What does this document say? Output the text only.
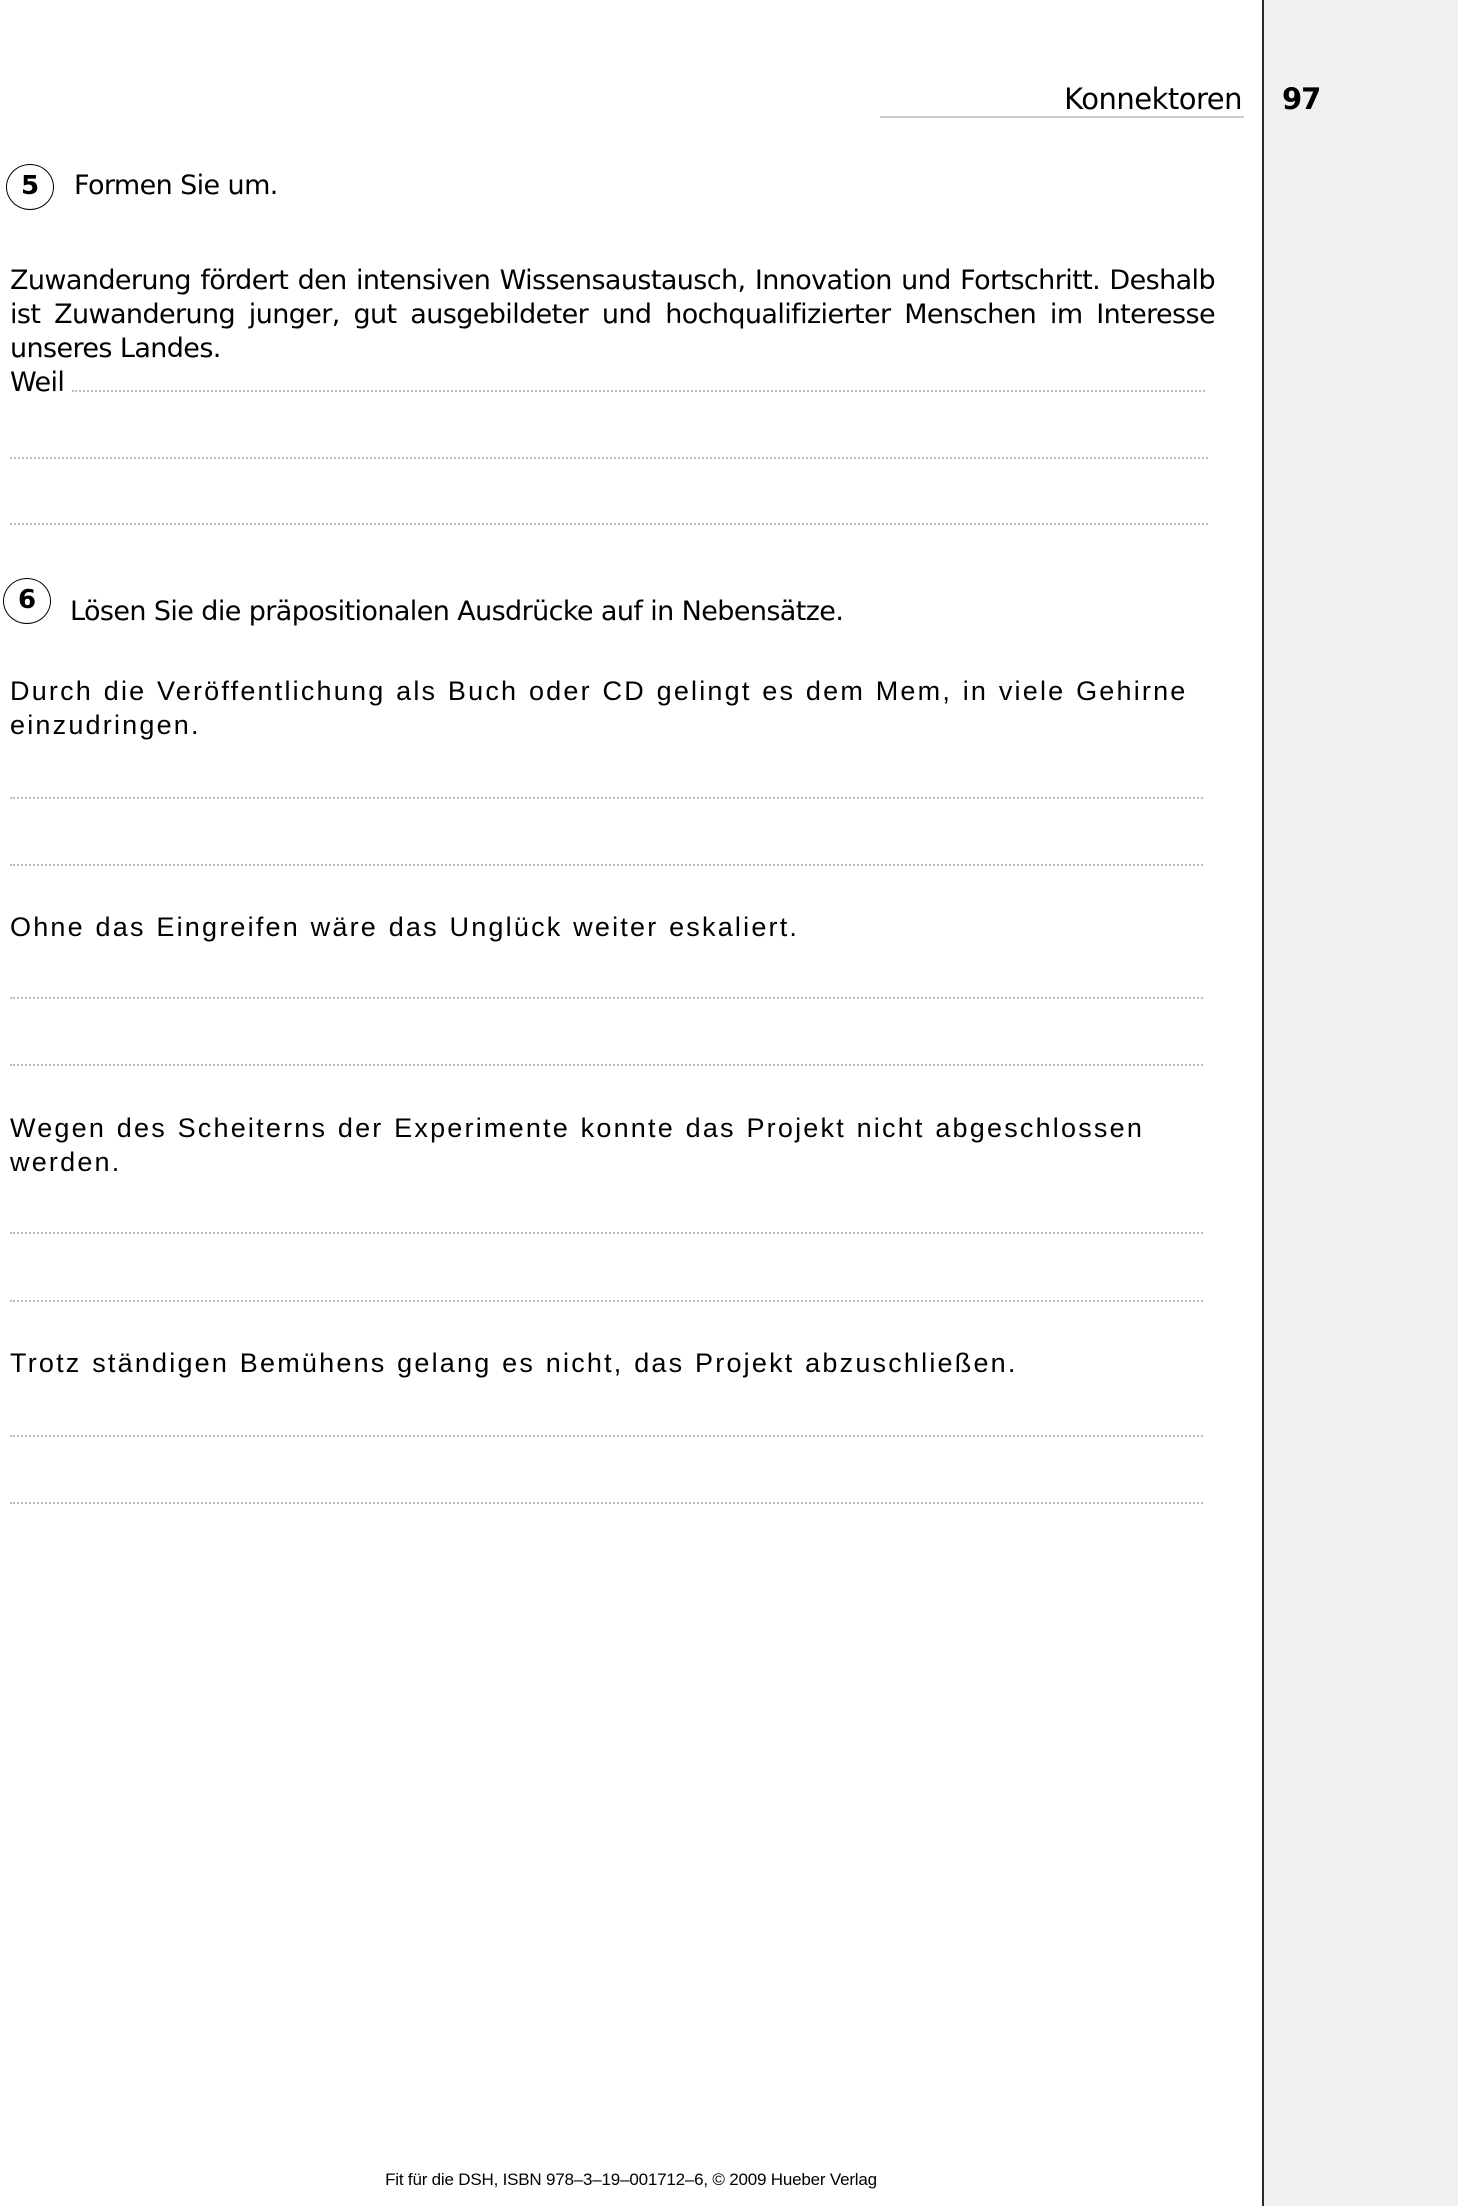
Konnektoren 97
5	Formen Sie um.

Zuwanderung fördert den intensiven Wissensaustausch, Innovation und Fortschritt. Deshalb ist Zuwanderung junger, gut ausgebildeter und hochqualifizierter Menschen im Interesse unseres Landes.

Weil
6	Lösen Sie die präpositionalen Ausdrücke auf in Nebensätze.

Durch die Veröffentlichung als Buch oder CD gelingt es dem Mem, in viele Gehirne einzudringen.

Ohne das Eingreifen wäre das Unglück weiter eskaliert.

Wegen des Scheiterns der Experimente konnte das Projekt nicht abgeschlossen werden.

Trotz ständigen Bemühens gelang es nicht, das Projekt abzuschließen.

Fit für die DSH, ISBN 978–3–19–001712–6, © 2009 Hueber Verlag
